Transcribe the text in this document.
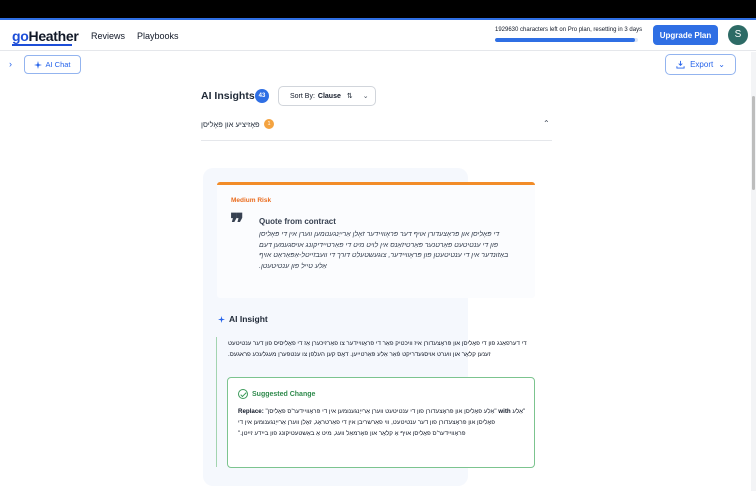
goHeather Reviews Playbooks
1929630 characters left on Pro plan, resetting in 3 days
Upgrade Plan	S
›	AI Chat	Export ⌄
AI Insights 43	Sort By: Clause ⇅ ⌄
פּאָזיציע און פּאָליסן	1	⌃
Medium Risk
❞ Quote from contract
די פּאָליסן און פּראָצעדורן אויף דער פּראָוויידער זאָלן אַרייַנגענומען ווערן אין די פּאָליסן פון די ענטיטעט פּאַרטנער פּאַרטיזאַנס אין לויט מיט די פאַרטיידיקונג אויסגעמען דעם באַזונדער אין די ענטיטעטן פון פּראָוויידער, צוגעשטעלט דורך די וועבזייטל-אַפּאַראַט אויף אַלע טייל פון ענטיטעטן.
AI Insight
די דערפאַנג פון די פּאָליסן און פּראָצעדורן איז וויכטיק פאַר די פּראָוויידער צו פאַרזיכערן אַז די פּאָליסיס פון דער ענטיטעט זענען קלאָר און ווערט אויסגעדריקט פֿאַר אַלע פּאַרטייען. דאָס קען העלפן צו ענטפערן מעגלעכע פראגעס.
Suggested Change
Replace: "אַלע פּאָליסן און פּראָצעדורן פון די ענטיטעט ווערן אַרייַנגענומען אין די פּראָוויידער'ס פּאָליסן" with "אַלע פּאָליסן און פּראָצעדורן פון דער ענטיטעט, ווי פאַרשריבן אין די פאַרטראָג, זאָלן ווערן אַרייַנגענומען אין די פּראָוויידער'ס פּאָליסן אויף אַ קלאָר און פאָרמאַל וועג, מיט אַ באַשטעטיקונג פון ביידע זייטן."
